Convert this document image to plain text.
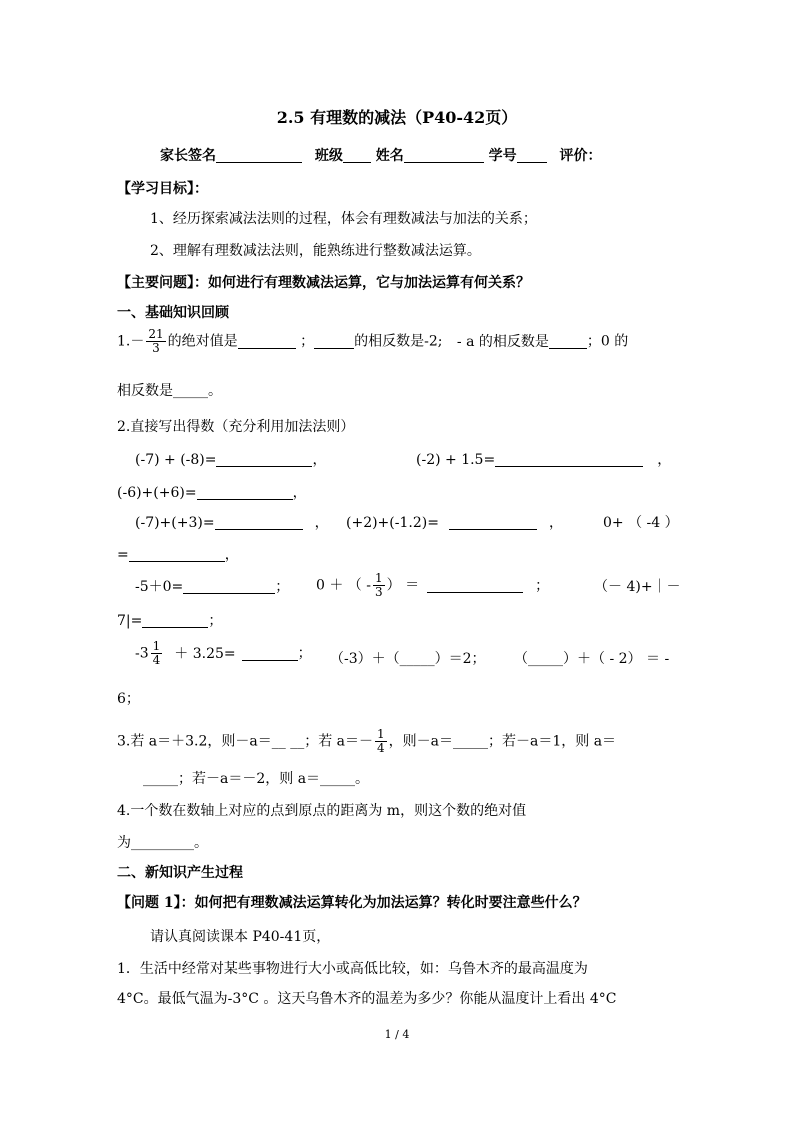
2.5 有理数的减法（P40-42页）
家长签名	班级 姓名	学号	评价：
【学习目标】：
1、经历探索减法法则的过程，体会有理数减法与加法的关系；
2、理解有理数减法法则，能熟练进行整数减法运算。
【主要问题】：如何进行有理数减法运算，它与加法运算有何关系？
一、基础知识回顾
$1.- \frac{21}{3}$ 的绝对值是	；	的相反数是-2; - a 的相反数是	；0 的
相反数是_____。
2.直接写出得数（充分利用加法法则）
(-7) + (-8)=	，	(-2) + 1.5=	，
(-6)+(+6)=	，
(-7)+(+3)=	， (+2)+(-1.2)=	，	0+ （ -4 ）
=	，
-5＋0=	； 0 ＋ （ - $\frac{1}{3}$ ） ＝	；	（－ 4)+｜－
7|=	；
$-3 \frac{1}{4} + 3.25=$	； （-3）＋（_____）＝2； （_____）＋（ - 2） ＝ -
6；
3.若 a＝＋3.2，则－a＝__ __；若 $a=- \frac{1}{4}$ ，则－a＝_____；若－a＝1，则 a＝
_____；若－a＝－2，则 a＝_____。
4.一个数在数轴上对应的点到原点的距离为 m，则这个数的绝对值
为_________。
二、新知识产生过程
【问题 1】：如何把有理数减法运算转化为加法运算？转化时要注意些什么？
请认真阅读课本 P40-41页，
1．生活中经常对某些事物进行大小或高低比较，如：乌鲁木齐的最高温度为
4°C。最低气温为-3°C 。这天乌鲁木齐的温差为多少？你能从温度计上看出 4°C
1 / 4
